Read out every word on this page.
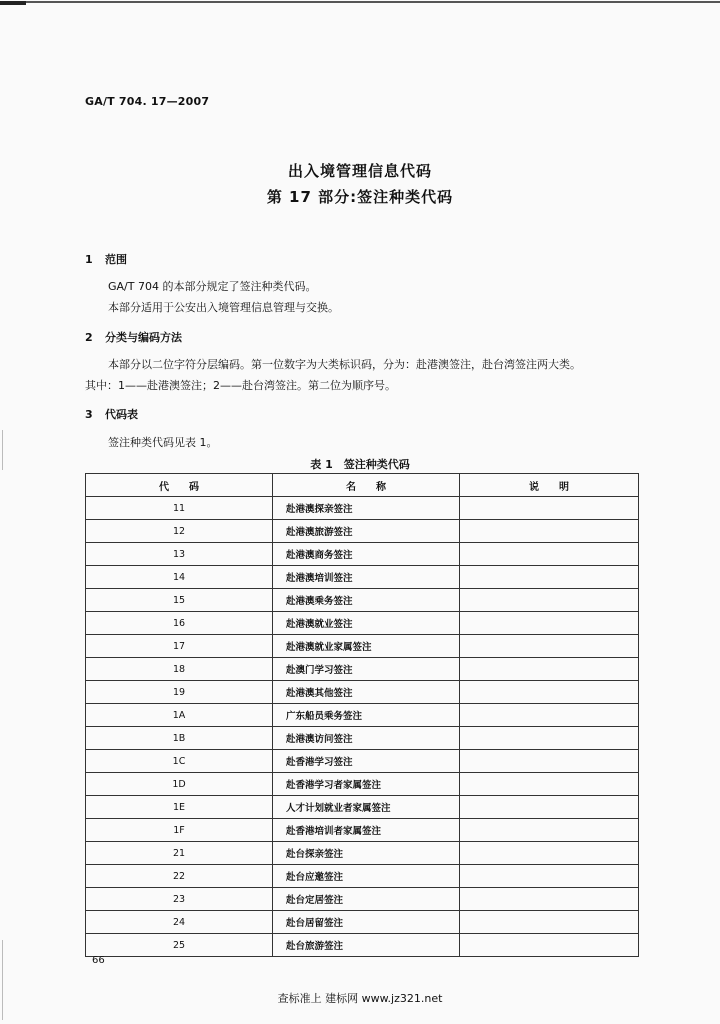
GA/T 704. 17—2007
出入境管理信息代码
第 17 部分:签注种类代码
1 范围
GA/T 704 的本部分规定了签注种类代码。
本部分适用于公安出入境管理信息管理与交换。
2 分类与编码方法
本部分以二位字符分层编码。第一位数字为大类标识码，分为：赴港澳签注，赴台湾签注两大类。
其中：1——赴港澳签注；2——赴台湾签注。第二位为顺序号。
3 代码表
签注种类代码见表 1。
表 1　签注种类代码
代　　码	名　　称	说　　明
11	赴港澳探亲签注	
12	赴港澳旅游签注	
13	赴港澳商务签注	
14	赴港澳培训签注	
15	赴港澳乘务签注	
16	赴港澳就业签注	
17	赴港澳就业家属签注	
18	赴澳门学习签注	
19	赴港澳其他签注	
1A	广东船员乘务签注	
1B	赴港澳访问签注	
1C	赴香港学习签注	
1D	赴香港学习者家属签注	
1E	人才计划就业者家属签注	
1F	赴香港培训者家属签注	
21	赴台探亲签注	
22	赴台应邀签注	
23	赴台定居签注	
24	赴台居留签注	
25	赴台旅游签注	
66
查标准上 建标网 www.jz321.net
